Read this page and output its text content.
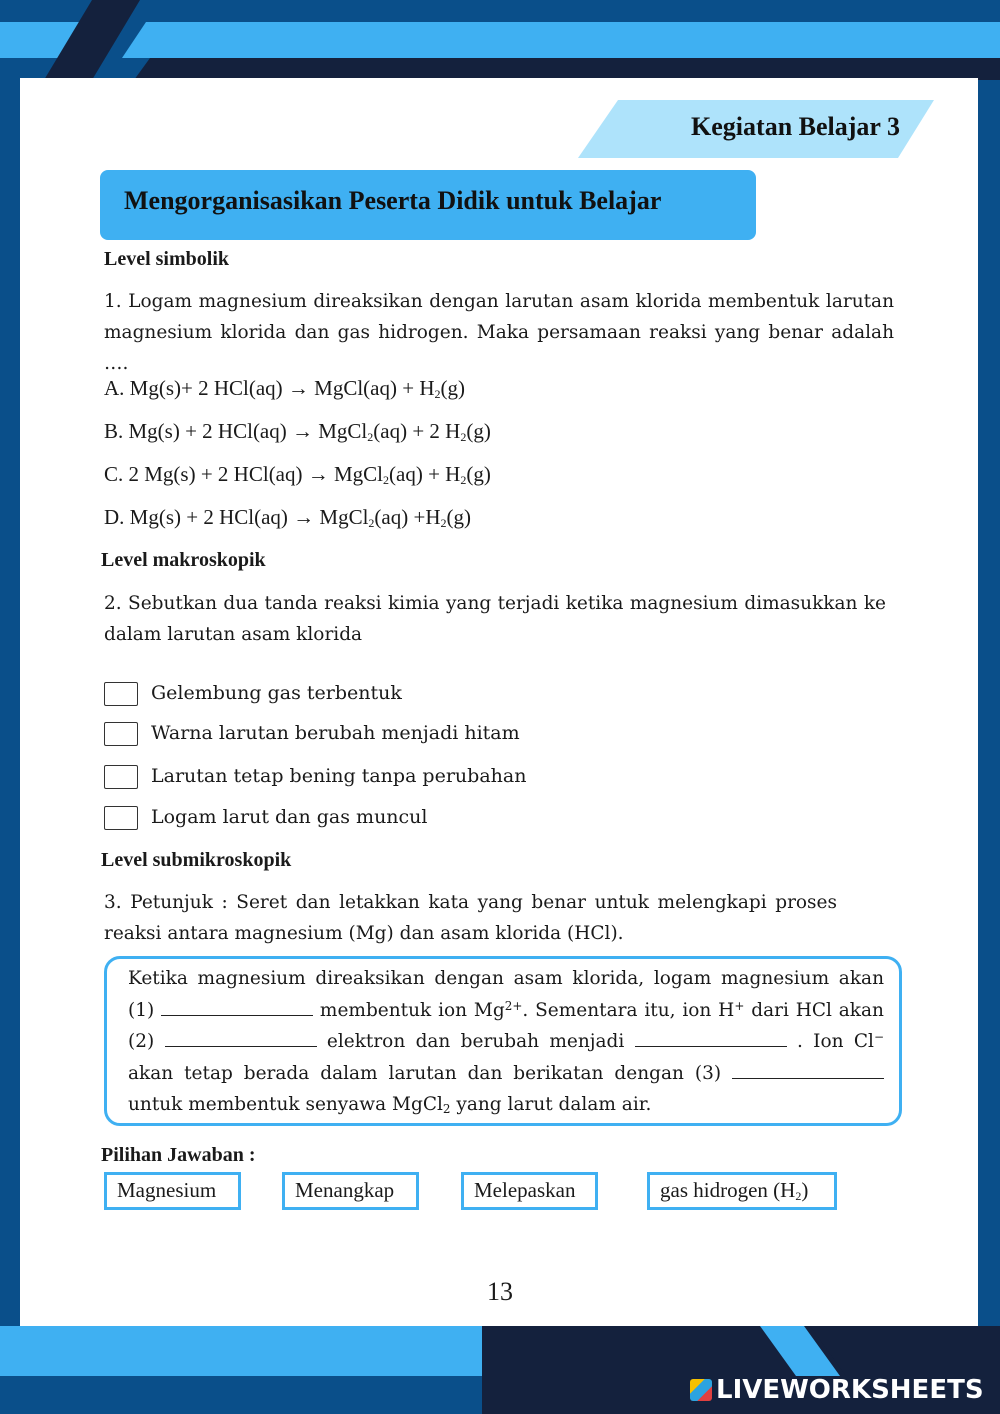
Kegiatan Belajar 3
Mengorganisasikan Peserta Didik untuk Belajar
Level simbolik
1. Logam magnesium direaksikan dengan larutan asam klorida membentuk larutan magnesium klorida dan gas hidrogen. Maka persamaan reaksi yang benar adalah ….
A. Mg(s)+ 2 HCl(aq) → MgCl(aq) + $H_2(g)$
B. Mg(s) + 2 HCl(aq) → MgCl$_2$(aq) + 2 $H_2(g)$
C. 2 Mg(s) + 2 HCl(aq) → MgCl$_2$(aq) + $H_2(g)$
D. Mg(s) + 2 HCl(aq) → MgCl$_2$(aq) $+H_2(g)$
Level makroskopik
2. Sebutkan dua tanda reaksi kimia yang terjadi ketika magnesium dimasukkan ke dalam larutan asam klorida
Gelembung gas terbentuk
Warna larutan berubah menjadi hitam
Larutan tetap bening tanpa perubahan
Logam larut dan gas muncul
Level submikroskopik
3. Petunjuk : Seret dan letakkan kata yang benar untuk melengkapi proses reaksi antara magnesium (Mg) dan asam klorida (HCl).
Ketika magnesium direaksikan dengan asam klorida, logam magnesium akan (1)	membentuk ion $Mg^{2+}$. Sementara itu, ion H+ dari HCl akan (2)	elektron dan berubah menjadi	. Ion Cl− akan tetap berada dalam larutan dan berikatan dengan (3)  untuk membentuk senyawa MgCl$_2$ yang larut dalam air.
Pilihan Jawaban :
Magnesium	Menangkap	Melepaskan	gas hidrogen $(H_2)$
13
LIVEWORKSHEETS
